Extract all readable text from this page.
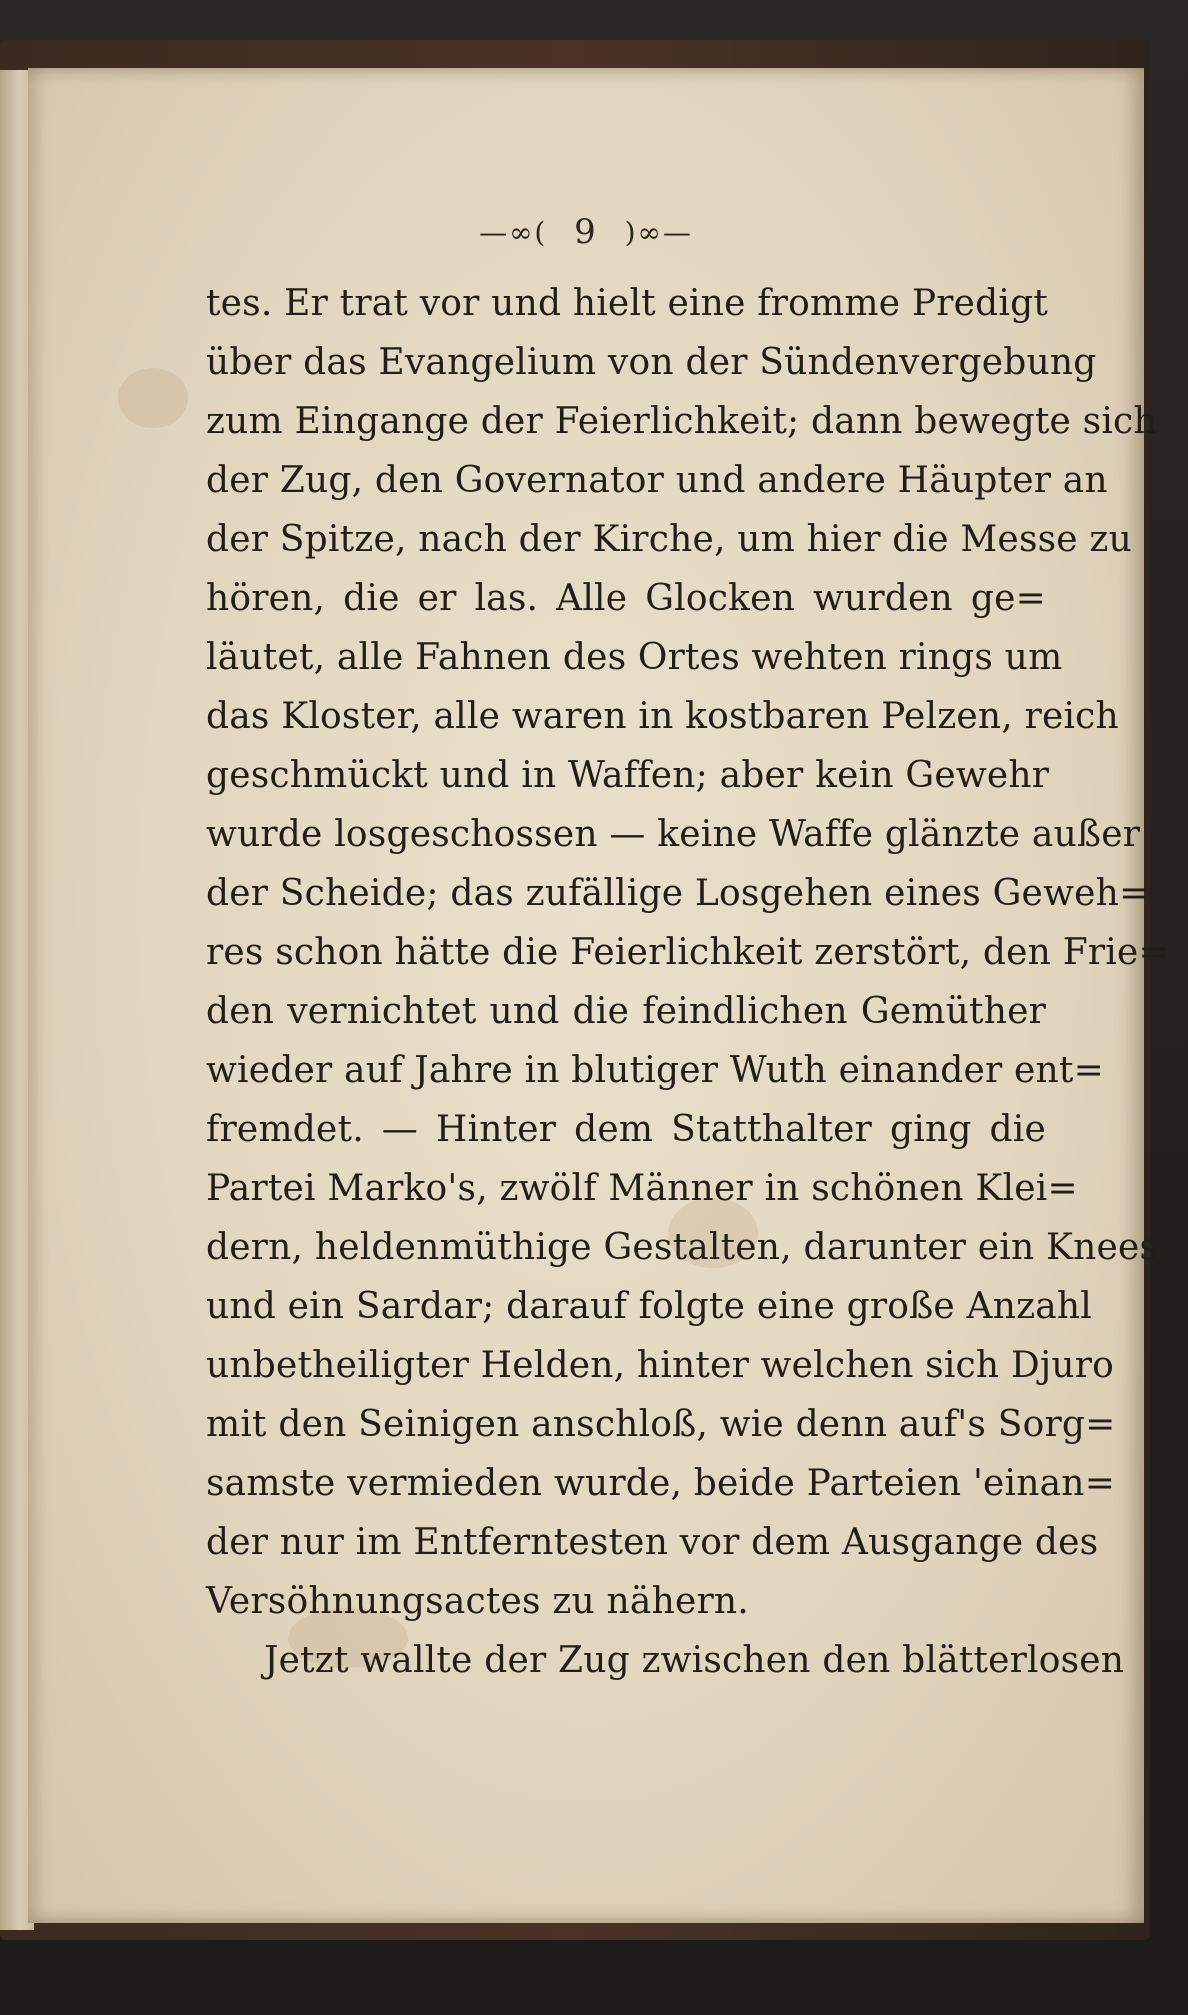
—∞( 9 )∞—
tes. Er trat vor und hielt eine fromme Predigt
über das Evangelium von der Sündenvergebung
zum Eingange der Feierlichkeit; dann bewegte sich
der Zug, den Governator und andere Häupter an
der Spitze, nach der Kirche, um hier die Messe zu
hören, die er las. Alle Glocken wurden ge=
läutet, alle Fahnen des Ortes wehten rings um
das Kloster, alle waren in kostbaren Pelzen, reich
geschmückt und in Waffen; aber kein Gewehr
wurde losgeschossen — keine Waffe glänzte außer
der Scheide; das zufällige Losgehen eines Geweh=
res schon hätte die Feierlichkeit zerstört, den Frie=
den vernichtet und die feindlichen Gemüther
wieder auf Jahre in blutiger Wuth einander ent=
fremdet. — Hinter dem Statthalter ging die
Partei Marko's, zwölf Männer in schönen Klei=
dern, heldenmüthige Gestalten, darunter ein Knees
und ein Sardar; darauf folgte eine große Anzahl
unbetheiligter Helden, hinter welchen sich Djuro
mit den Seinigen anschloß, wie denn auf's Sorg=
samste vermieden wurde, beide Parteien 'einan=
der nur im Entferntesten vor dem Ausgange des
Versöhnungsactes zu nähern.
Jetzt wallte der Zug zwischen den blätterlosen
